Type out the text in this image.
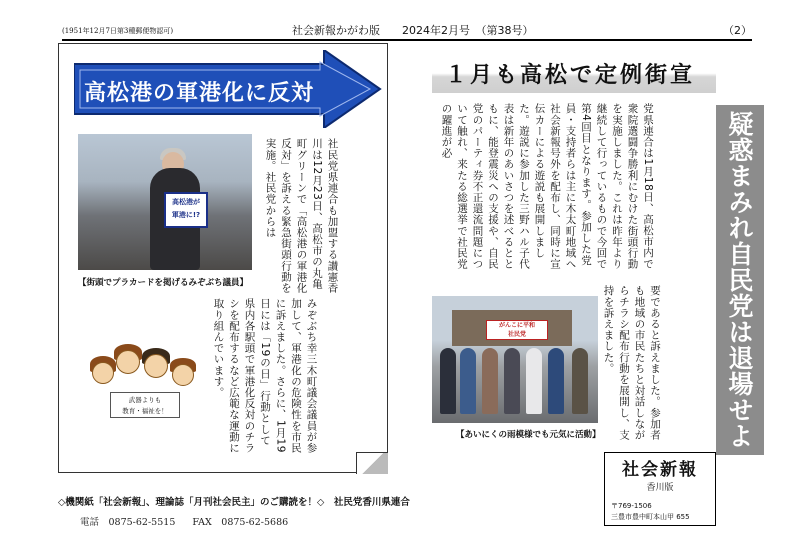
(1951年12月7日第3種郵便物認可)	社会新報かがわ版　　2024年2月号　（第38号）	（2）
高松港の軍港化に反対
高松港が
軍港に!?
【街頭でプラカードを掲げるみぞぶち議員】	社民党県連合も加盟する讃憲香川は12月23日、高松市の丸亀町グリーンで「高松港の軍港化反対」を訴える緊急街頭行動を実施。社民党からは
みぞぶち幸三木町議会議員が参加して、軍港化の危険性を市民に訴えました。さらに、1月19日には「19の日」行動として県内各駅頭で軍港化反対のチラシを配布するなど広範な運動に取り組んでいます。
武器よりも
教育・福祉を！
◇機関紙「社会新報」、理論誌「月刊社会民主」のご購読を！◇　社民党香川県連合
電話　0875-62-5515 FAX　0875-62-5686
１月も高松で定例街宣
党県連合は1月18日、高松市内で衆院選闘争勝利にむけた街頭行動を実施しました。これは昨年より継続して行っているもので今回で第4回目となります。参加した党員・支持者らは主に木太町地域へ社会新報号外を配布し、同時に宣伝カーによる遊説も展開しました。遊説に参加した三野ハル子代表は新年のあいさつを述べるとともに、能登震災への支援や、自民党のパーティ券不正還流問題について触れ、来たる総選挙で社民党の躍進が必
がんこに平和
社民党
【あいにくの雨模様でも元気に活動】	要であると訴えました。参加者も地域の市民たちと対話しながらチラシ配布行動を展開し、支持を訴えました。	疑惑まみれ自民党は退場せよ
社会新報
香川版
〒769-1506
三豊市豊中町本山甲 655
